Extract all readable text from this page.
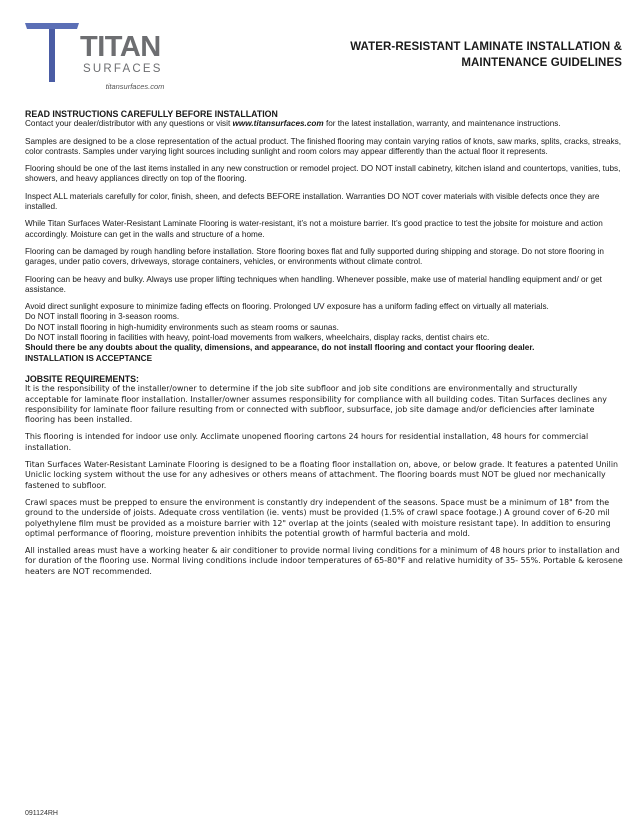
TITAN
SURFACES
titansurfaces.com
WATER-RESISTANT LAMINATE INSTALLATION &
MAINTENANCE GUIDELINES
READ INSTRUCTIONS CAREFULLY BEFORE INSTALLATION

Contact your dealer/distributor with any questions or visit www.titansurfaces.com for the latest installation, warranty, and maintenance instructions.

Samples are designed to be a close representation of the actual product. The finished flooring may contain varying ratios of knots, saw marks, splits, cracks, streaks, color contrasts. Samples under varying light sources including sunlight and room colors may appear differently than the actual floor it represents.

Flooring should be one of the last items installed in any new construction or remodel project. DO NOT install cabinetry, kitchen island and countertops, vanities, tubs, showers, and heavy appliances directly on top of the flooring.

Inspect ALL materials carefully for color, finish, sheen, and defects BEFORE installation. Warranties DO NOT cover materials with visible defects once they are installed.

While Titan Surfaces Water-Resistant Laminate Flooring is water-resistant, it’s not a moisture barrier. It’s good practice to test the jobsite for moisture and action accordingly. Moisture can get in the walls and structure of a home.

Flooring can be damaged by rough handling before installation. Store flooring boxes flat and fully supported during shipping and storage. Do not store flooring in garages, under patio covers, driveways, storage containers, vehicles, or environments without climate control.

Flooring can be heavy and bulky. Always use proper lifting techniques when handling. Whenever possible, make use of material handling equipment and/ or get assistance.

Avoid direct sunlight exposure to minimize fading effects on flooring. Prolonged UV exposure has a uniform fading effect on virtually all materials.
Do NOT install flooring in 3-season rooms.
Do NOT install flooring in high-humidity environments such as steam rooms or saunas.
Do NOT install flooring in facilities with heavy, point-load movements from walkers, wheelchairs, display racks, dentist chairs etc.
Should there be any doubts about the quality, dimensions, and appearance, do not install flooring and contact your flooring dealer.
INSTALLATION IS ACCEPTANCE
JOBSITE REQUIREMENTS:

It is the responsibility of the installer/owner to determine if the job site subfloor and job site conditions are environmentally and structurally acceptable for laminate floor installation. Installer/owner assumes responsibility for compliance with all building codes. Titan Surfaces declines any responsibility for laminate floor failure resulting from or connected with subfloor, subsurface, job site damage and/or deficiencies after laminate flooring has been installed.

This flooring is intended for indoor use only. Acclimate unopened flooring cartons 24 hours for residential installation, 48 hours for commercial installation.

Titan Surfaces Water-Resistant Laminate Flooring is designed to be a floating floor installation on, above, or below grade. It features a patented Unilin Uniclic locking system without the use for any adhesives or others means of attachment. The flooring boards must NOT be glued nor mechanically fastened to subfloor.

Crawl spaces must be prepped to ensure the environment is constantly dry independent of the seasons. Space must be a minimum of 18" from the ground to the underside of joists. Adequate cross ventilation (ie. vents) must be provided (1.5% of crawl space footage.) A ground cover of 6-20 mil polyethylene film must be provided as a moisture barrier with 12" overlap at the joints (sealed with moisture resistant tape). In addition to ensuring optimal performance of flooring, moisture prevention inhibits the potential growth of harmful bacteria and mold.

All installed areas must have a working heater & air conditioner to provide normal living conditions for a minimum of 48 hours prior to installation and for duration of the flooring use. Normal living conditions include indoor temperatures of 65-80°F and relative humidity of 35- 55%. Portable & kerosene heaters are NOT recommended.

091124RH
